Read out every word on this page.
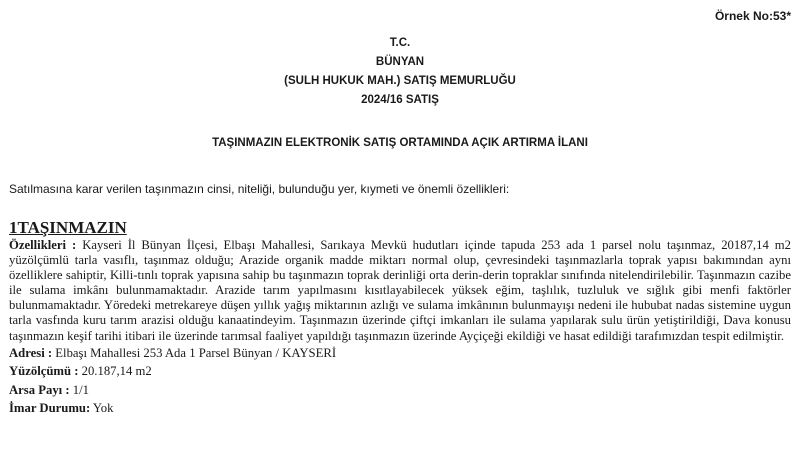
Örnek No:53*
T.C.
BÜNYAN
(SULH HUKUK MAH.) SATIŞ MEMURLUĞU
2024/16 SATIŞ
TAŞINMAZIN ELEKTRONİK SATIŞ ORTAMINDA AÇIK ARTIRMA İLANI
Satılmasına karar verilen taşınmazın cinsi, niteliği, bulunduğu yer, kıymeti ve önemli özellikleri:
1TAŞINMAZIN
Özellikleri : Kayseri İl Bünyan İlçesi, Elbaşı Mahallesi, Sarıkaya Mevkü hudutları içinde tapuda 253 ada 1 parsel nolu taşınmaz, 20187,14 m2 yüzölçümlü tarla vasıflı, taşınmaz olduğu; Arazide organik madde miktarı normal olup, çevresindeki taşınmazlarla toprak yapısı bakımından aynı özelliklere sahiptir, Killi-tınlı toprak yapısına sahip bu taşınmazın toprak derinliği orta derin-derin topraklar sınıfında nitelendirilebilir. Taşınmazın cazibe ile sulama imkânı bulunmamaktadır. Arazide tarım yapılmasını kısıtlayabilecek yüksek eğim, taşlılık, tuzluluk ve sığlık gibi menfi faktörler bulunmamaktadır. Yöredeki metrekareye düşen yıllık yağış miktarının azlığı ve sulama imkânının bulunmayışı nedeni ile hububat nadas sistemine uygun tarla vasfında kuru tarım arazisi olduğu kanaatindeyim. Taşınmazın üzerinde çiftçi imkanları ile sulama yapılarak sulu ürün yetiştirildiği, Dava konusu taşınmazın keşif tarihi itibari ile üzerinde tarımsal faaliyet yapıldığı taşınmazın üzerinde Ayçiçeği ekildiği ve hasat edildiği tarafımızdan tespit edilmiştir.
Adresi : Elbaşı Mahallesi 253 Ada 1 Parsel Bünyan / KAYSERİ
Yüzölçümü : 20.187,14 m2
Arsa Payı : 1/1
İmar Durumu: Yok
